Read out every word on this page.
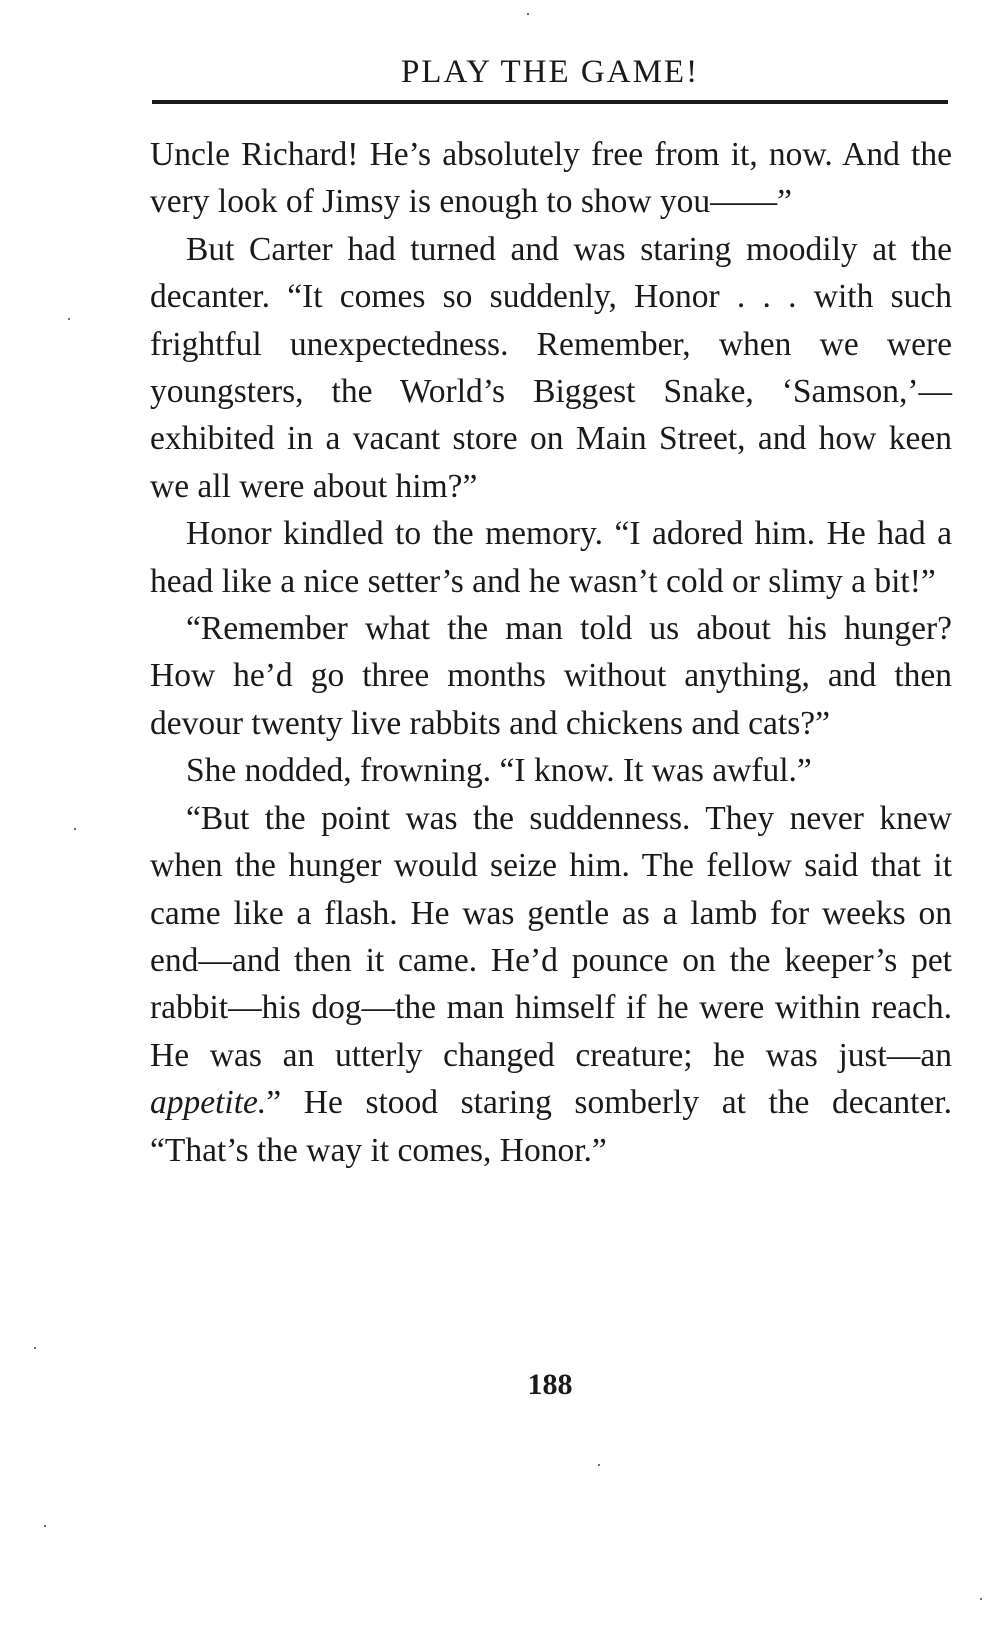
PLAY THE GAME!

Uncle Richard! He’s absolutely free from it, now. And the very look of Jimsy is enough to show you——”

But Carter had turned and was staring moodily at the decanter. “It comes so suddenly, Honor . . . with such frightful unexpectedness. Remember, when we were youngsters, the World’s Biggest Snake, ‘Samson,’—exhibited in a vacant store on Main Street, and how keen we all were about him?”

Honor kindled to the memory. “I adored him. He had a head like a nice setter’s and he wasn’t cold or slimy a bit!”

“Remember what the man told us about his hunger? How he’d go three months without anything, and then devour twenty live rabbits and chickens and cats?”

She nodded, frowning. “I know. It was awful.”

“But the point was the suddenness. They never knew when the hunger would seize him. The fellow said that it came like a flash. He was gentle as a lamb for weeks on end—and then it came. He’d pounce on the keeper’s pet rabbit—his dog—the man himself if he were within reach. He was an utterly changed creature; he was just—an appetite.” He stood staring somberly at the decanter. “That’s the way it comes, Honor.”

188
